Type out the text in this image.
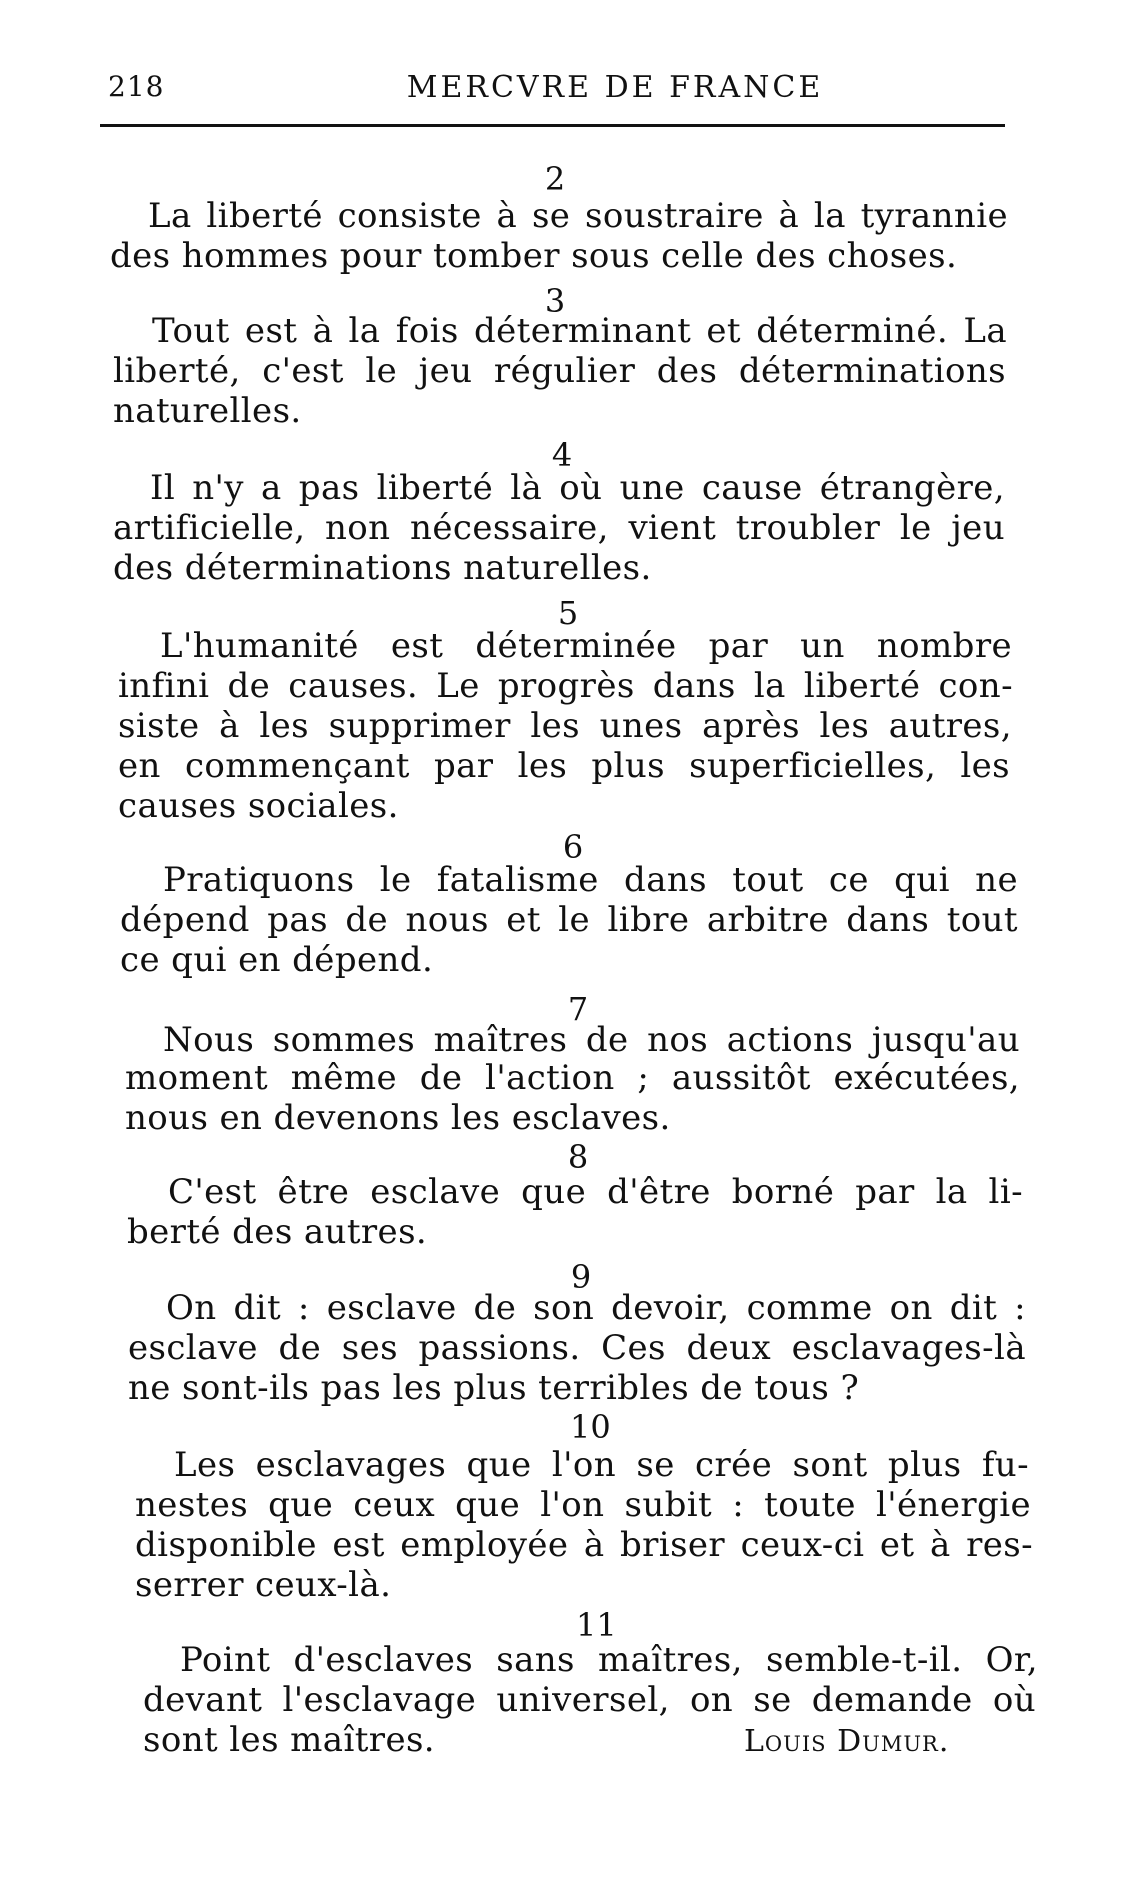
218	MERCVRE DE FRANCE
2
La liberté consiste à se soustraire à la tyrannie
des hommes pour tomber sous celle des choses.
3
Tout est à la fois déterminant et déterminé. La
liberté, c'est le jeu régulier des déterminations
naturelles.
4
Il n'y a pas liberté là où une cause étrangère,
artificielle, non nécessaire, vient troubler le jeu
des déterminations naturelles.
5
L'humanité est déterminée par un nombre
infini de causes. Le progrès dans la liberté con-
siste à les supprimer les unes après les autres,
en commençant par les plus superficielles, les
causes sociales.
6
Pratiquons le fatalisme dans tout ce qui ne
dépend pas de nous et le libre arbitre dans tout
ce qui en dépend.
7
Nous sommes maîtres de nos actions jusqu'au
moment même de l'action ; aussitôt exécutées,
nous en devenons les esclaves.
8
C'est être esclave que d'être borné par la li-
berté des autres.
9
On dit : esclave de son devoir, comme on dit :
esclave de ses passions. Ces deux esclavages-là
ne sont-ils pas les plus terribles de tous ?
10
Les esclavages que l'on se crée sont plus fu-
nestes que ceux que l'on subit : toute l'énergie
disponible est employée à briser ceux-ci et à res-
serrer ceux-là.
11
Point d'esclaves sans maîtres, semble-t-il. Or,
devant l'esclavage universel, on se demande où
sont les maîtres.	Louis Dumur.
